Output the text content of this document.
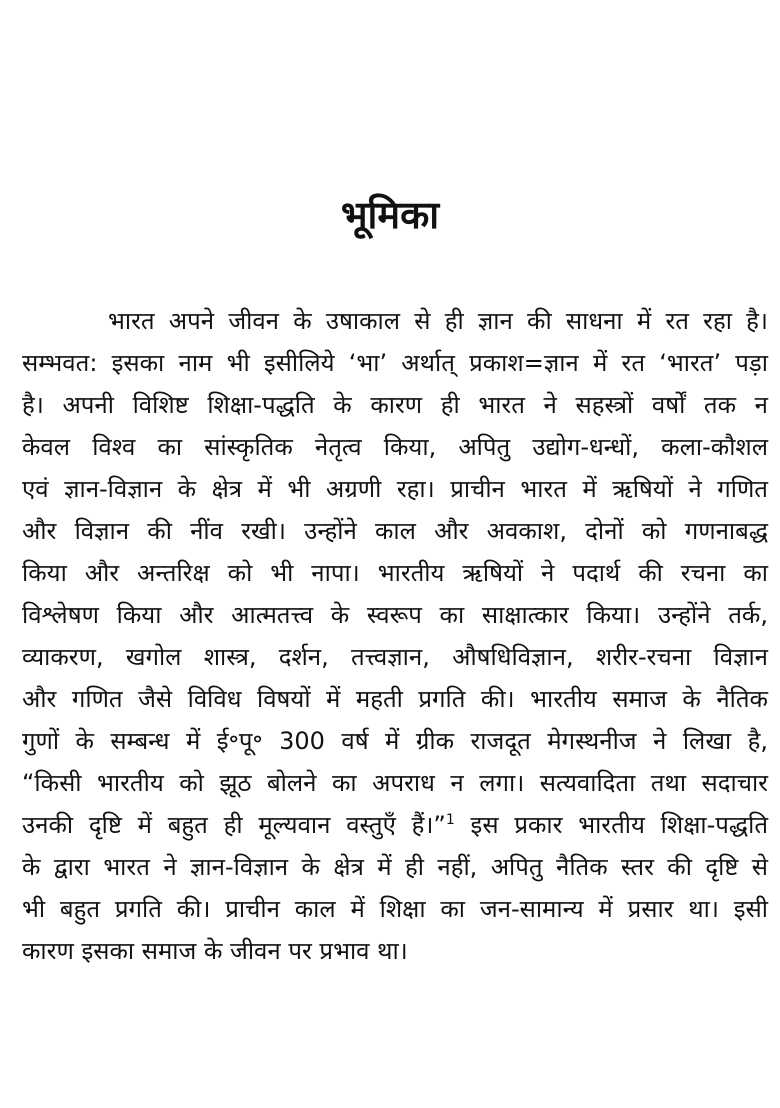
भूमिका
भारत अपने जीवन के उषाकाल से ही ज्ञान की साधना में रत रहा है।
सम्भवत: इसका नाम भी इसीलिये ‘भा’ अर्थात् प्रकाश=ज्ञान में रत ‘भारत’ पड़ा
है। अपनी विशिष्ट शिक्षा-पद्धति के कारण ही भारत ने सहस्त्रों वर्षों तक न
केवल विश्व का सांस्कृतिक नेतृत्व किया, अपितु उद्योग-धन्धों, कला-कौशल
एवं ज्ञान-विज्ञान के क्षेत्र में भी अग्रणी रहा। प्राचीन भारत में ऋषियों ने गणित
और विज्ञान की नींव रखी। उन्होंने काल और अवकाश, दोनों को गणनाबद्ध
किया और अन्तरिक्ष को भी नापा। भारतीय ऋषियों ने पदार्थ की रचना का
विश्लेषण किया और आत्मतत्त्व के स्वरूप का साक्षात्कार किया। उन्होंने तर्क,
व्याकरण, खगोल शास्त्र, दर्शन, तत्त्वज्ञान, औषधिविज्ञान, शरीर-रचना विज्ञान
और गणित जैसे विविध विषयों में महती प्रगति की। भारतीय समाज के नैतिक
गुणों के सम्बन्ध में ई॰पू॰ 300 वर्ष में ग्रीक राजदूत मेगस्थनीज ने लिखा है,
“किसी भारतीय को झूठ बोलने का अपराध न लगा। सत्यवादिता तथा सदाचार
उनकी दृष्टि में बहुत ही मूल्यवान वस्तुएँ हैं।”$^1$ इस प्रकार भारतीय शिक्षा-पद्धति
के द्वारा भारत ने ज्ञान-विज्ञान के क्षेत्र में ही नहीं, अपितु नैतिक स्तर की दृष्टि से
भी बहुत प्रगति की। प्राचीन काल में शिक्षा का जन-सामान्य में प्रसार था। इसी
कारण इसका समाज के जीवन पर प्रभाव था।
